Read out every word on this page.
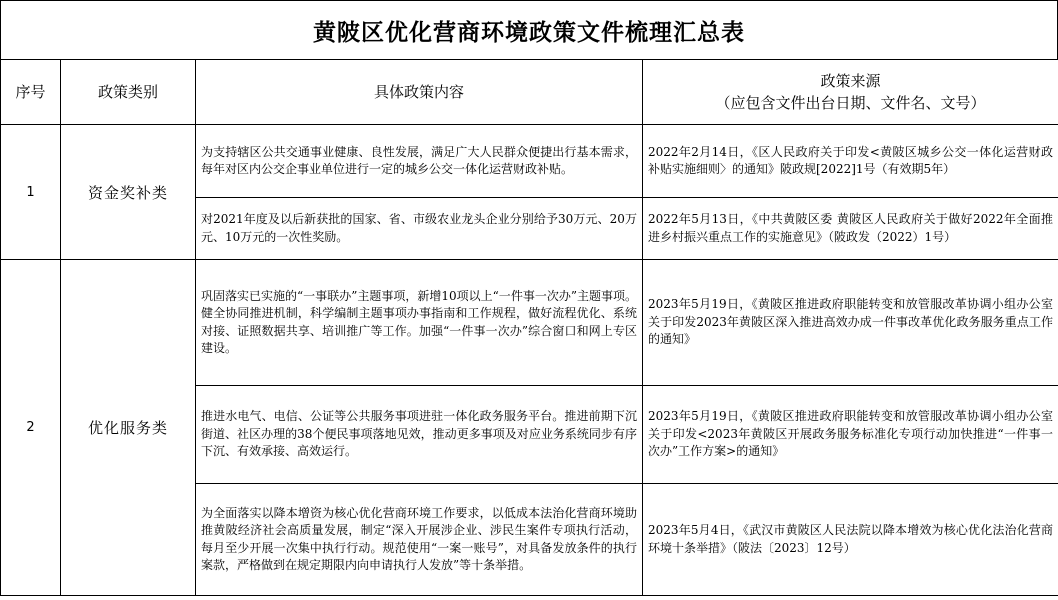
黄陂区优化营商环境政策文件梳理汇总表
序号	政策类别	具体政策内容	政策来源
（应包含文件出台日期、文件名、文号）

1	资金奖补类	为支持辖区公共交通事业健康、良性发展，满足广大人民群众便捷出行基本需求，每年对区内公交企事业单位进行一定的城乡公交一体化运营财政补贴。	2022年2月14日，《区人民政府关于印发<黄陂区城乡公交一体化运营财政补贴实施细则〉的通知》陂政规[2022]1号（有效期5年）
		对2021年度及以后新获批的国家、省、市级农业龙头企业分别给予30万元、20万元、10万元的一次性奖励。	2022年5月13日，《中共黄陂区委 黄陂区人民政府关于做好2022年全面推进乡村振兴重点工作的实施意见》（陂政发（2022）1号）
2	优化服务类	巩固落实已实施的“一事联办”主题事项，新增10项以上“一件事一次办”主题事项。健全协同推进机制，科学编制主题事项办事指南和工作规程，做好流程优化、系统对接、证照数据共享、培训推广等工作。加强“一件事一次办”综合窗口和网上专区建设。	2023年5月19日，《黄陂区推进政府职能转变和放管服改革协调小组办公室关于印发2023年黄陂区深入推进高效办成一件事改革优化政务服务重点工作的通知》
		推进水电气、电信、公证等公共服务事项进驻一体化政务服务平台。推进前期下沉街道、社区办理的38个便民事项落地见效，推动更多事项及对应业务系统同步有序下沉、有效承接、高效运行。	2023年5月19日，《黄陂区推进政府职能转变和放管服改革协调小组办公室关于印发<2023年黄陂区开展政务服务标准化专项行动加快推进“一件事一次办”工作方案>的通知》
		为全面落实以降本增资为核心优化营商环境工作要求，以低成本法治化营商环境助推黄陂经济社会高质量发展，制定“深入开展涉企业、涉民生案件专项执行活动，每月至少开展一次集中执行行动。规范使用“一案一账号”，对具备发放条件的执行案款，严格做到在规定期限内向申请执行人发放”等十条举措。	2023年5月4日，《武汉市黄陂区人民法院以降本增效为核心优化法治化营商环境十条举措》（陂法〔2023〕12号）
